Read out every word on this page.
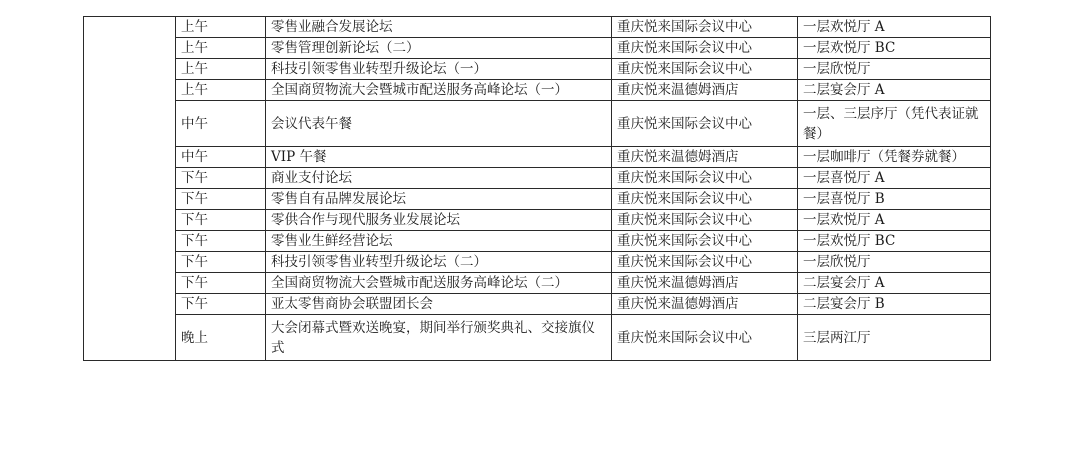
	上午	零售业融合发展论坛	重庆悦来国际会议中心	一层欢悦厅 A
	上午	零售管理创新论坛（二）	重庆悦来国际会议中心	一层欢悦厅 BC
	上午	科技引领零售业转型升级论坛（一）	重庆悦来国际会议中心	一层欣悦厅
	上午	全国商贸物流大会暨城市配送服务高峰论坛（一）	重庆悦来温德姆酒店	二层宴会厅 A
	中午	会议代表午餐	重庆悦来国际会议中心	一层、三层序厅（凭代表证就餐）
	中午	VIP 午餐	重庆悦来温德姆酒店	一层咖啡厅（凭餐券就餐）
	下午	商业支付论坛	重庆悦来国际会议中心	一层喜悦厅 A
	下午	零售自有品牌发展论坛	重庆悦来国际会议中心	一层喜悦厅 B
	下午	零供合作与现代服务业发展论坛	重庆悦来国际会议中心	一层欢悦厅 A
	下午	零售业生鲜经营论坛	重庆悦来国际会议中心	一层欢悦厅 BC
	下午	科技引领零售业转型升级论坛（二）	重庆悦来国际会议中心	一层欣悦厅
	下午	全国商贸物流大会暨城市配送服务高峰论坛（二）	重庆悦来温德姆酒店	二层宴会厅 A
	下午	亚太零售商协会联盟团长会	重庆悦来温德姆酒店	二层宴会厅 B
	晚上	大会闭幕式暨欢送晚宴，期间举行颁奖典礼、交接旗仪式	重庆悦来国际会议中心	三层两江厅
